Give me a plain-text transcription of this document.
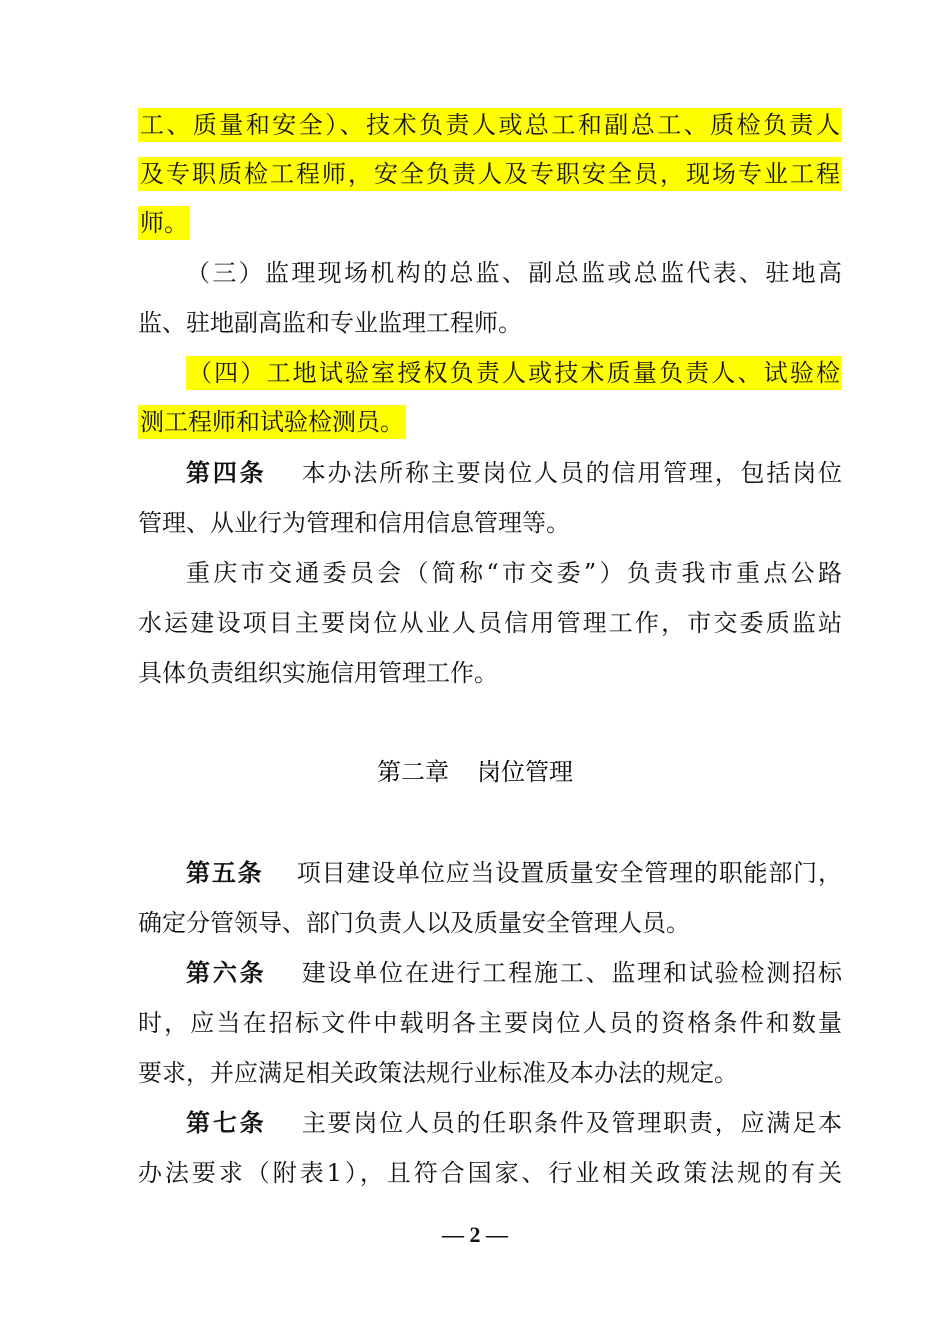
工、质量和安全）、技术负责人或总工和副总工、质检负责人
及专职质检工程师，安全负责人及专职安全员，现场专业工程
师。
（三）监理现场机构的总监、副总监或总监代表、驻地高
监、驻地副高监和专业监理工程师。
（四）工地试验室授权负责人或技术质量负责人、试验检
测工程师和试验检测员。
第四条　 本办法所称主要岗位人员的信用管理，包括岗位
管理、从业行为管理和信用信息管理等。
重庆市交通委员会（简称“市交委”）负责我市重点公路
水运建设项目主要岗位从业人员信用管理工作，市交委质监站
具体负责组织实施信用管理工作。
第二章 岗位管理
第五条　 项目建设单位应当设置质量安全管理的职能部门，
确定分管领导、部门负责人以及质量安全管理人员。
第六条　 建设单位在进行工程施工、监理和试验检测招标
时，应当在招标文件中载明各主要岗位人员的资格条件和数量
要求，并应满足相关政策法规行业标准及本办法的规定。
第七条　 主要岗位人员的任职条件及管理职责，应满足本
办法要求（附表1），且符合国家、行业相关政策法规的有关
— 2 —
